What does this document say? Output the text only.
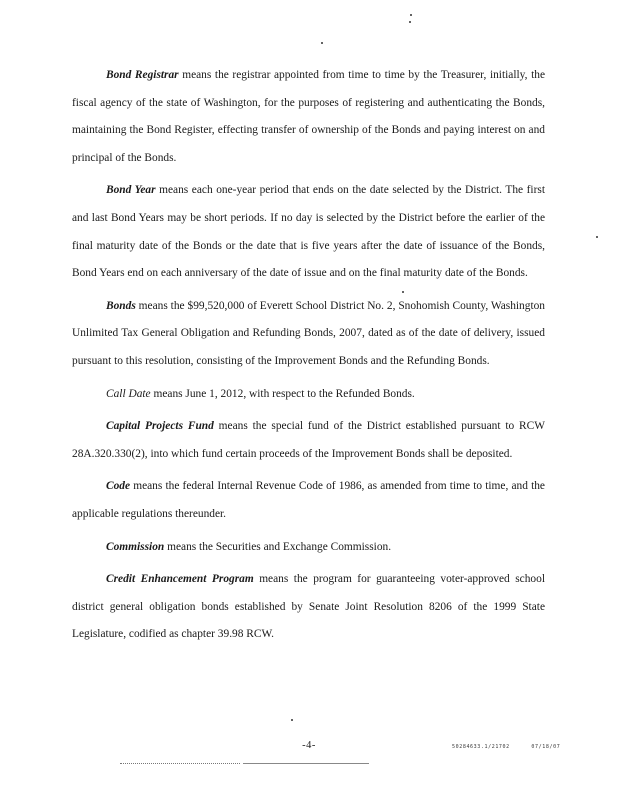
Bond Registrar means the registrar appointed from time to time by the Treasurer, initially, the fiscal agency of the state of Washington, for the purposes of registering and authenticating the Bonds, maintaining the Bond Register, effecting transfer of ownership of the Bonds and paying interest on and principal of the Bonds.

Bond Year means each one-year period that ends on the date selected by the District. The first and last Bond Years may be short periods. If no day is selected by the District before the earlier of the final maturity date of the Bonds or the date that is five years after the date of issuance of the Bonds, Bond Years end on each anniversary of the date of issue and on the final maturity date of the Bonds.

Bonds means the $99,520,000 of Everett School District No. 2, Snohomish County, Washington Unlimited Tax General Obligation and Refunding Bonds, 2007, dated as of the date of delivery, issued pursuant to this resolution, consisting of the Improvement Bonds and the Refunding Bonds.

Call Date means June 1, 2012, with respect to the Refunded Bonds.

Capital Projects Fund means the special fund of the District established pursuant to RCW 28A.320.330(2), into which fund certain proceeds of the Improvement Bonds shall be deposited.

Code means the federal Internal Revenue Code of 1986, as amended from time to time, and the applicable regulations thereunder.

Commission means the Securities and Exchange Commission.

Credit Enhancement Program means the program for guaranteeing voter-approved school district general obligation bonds established by Senate Joint Resolution 8206 of the 1999 State Legislature, codified as chapter 39.98 RCW.

-4-	50284633.1/21702      07/18/07
